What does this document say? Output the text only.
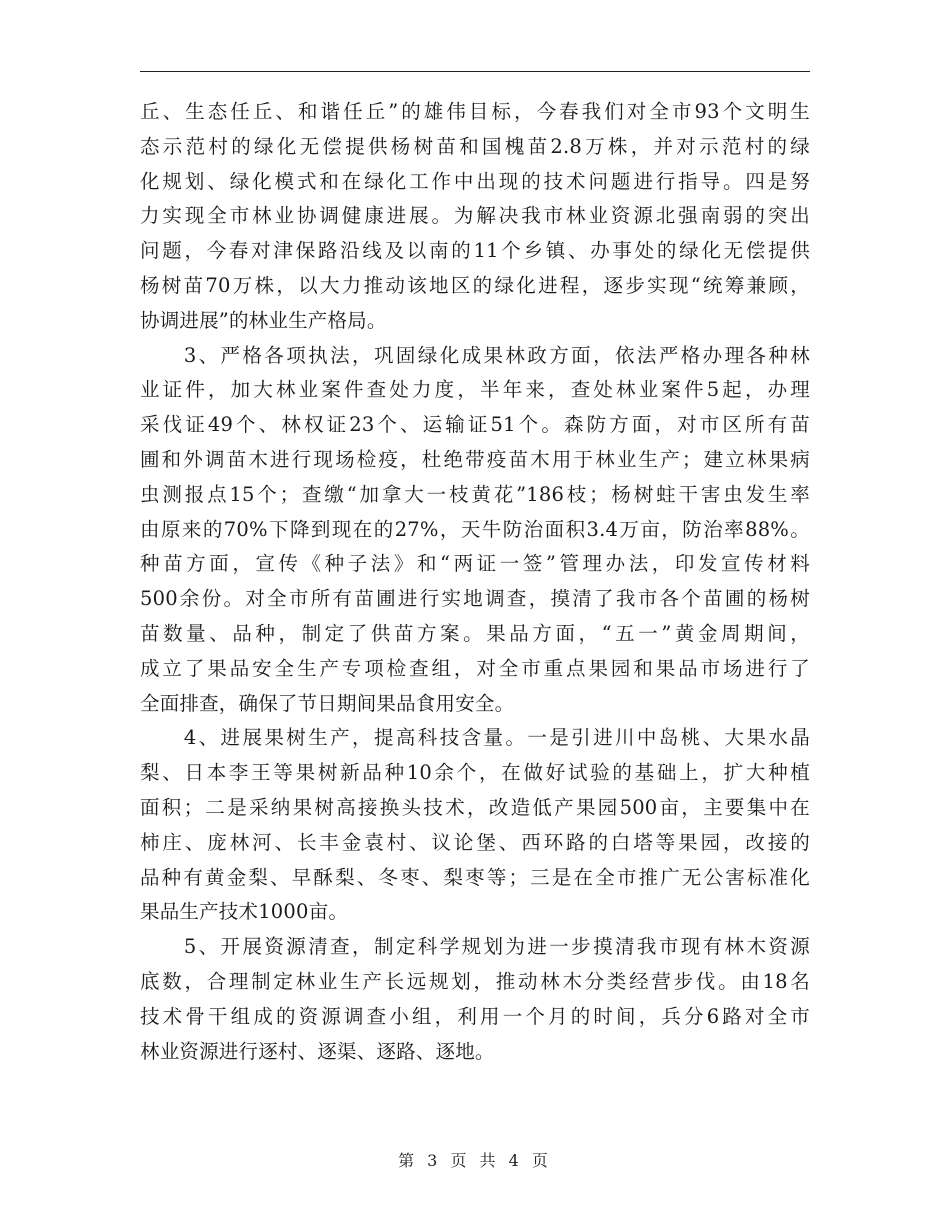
丘、生态任丘、和谐任丘”的雄伟目标，今春我们对全市93个文明生
态示范村的绿化无偿提供杨树苗和国槐苗2.8万株，并对示范村的绿
化规划、绿化模式和在绿化工作中出现的技术问题进行指导。四是努
力实现全市林业协调健康进展。为解决我市林业资源北强南弱的突出
问题，今春对津保路沿线及以南的11个乡镇、办事处的绿化无偿提供
杨树苗70万株，以大力推动该地区的绿化进程，逐步实现“统筹兼顾，
协调进展”的林业生产格局。
　　3、严格各项执法，巩固绿化成果林政方面，依法严格办理各种林
业证件，加大林业案件查处力度，半年来，查处林业案件5起，办理
采伐证49个、林权证23个、运输证51个。森防方面，对市区所有苗
圃和外调苗木进行现场检疫，杜绝带疫苗木用于林业生产；建立林果病
虫测报点15个；查缴“加拿大一枝黄花”186枝；杨树蛀干害虫发生率
由原来的70%下降到现在的27%，天牛防治面积3.4万亩，防治率88%。
种苗方面，宣传《种子法》和“两证一签”管理办法，印发宣传材料
500余份。对全市所有苗圃进行实地调查，摸清了我市各个苗圃的杨树
苗数量、品种，制定了供苗方案。果品方面，“五一”黄金周期间，
成立了果品安全生产专项检查组，对全市重点果园和果品市场进行了
全面排查，确保了节日期间果品食用安全。
　　4、进展果树生产，提高科技含量。一是引进川中岛桃、大果水晶
梨、日本李王等果树新品种10余个，在做好试验的基础上，扩大种植
面积；二是采纳果树高接换头技术，改造低产果园500亩，主要集中在
柿庄、庞林河、长丰金袁村、议论堡、西环路的白塔等果园，改接的
品种有黄金梨、早酥梨、冬枣、梨枣等；三是在全市推广无公害标准化
果品生产技术1000亩。
　　5、开展资源清查，制定科学规划为进一步摸清我市现有林木资源
底数，合理制定林业生产长远规划，推动林木分类经营步伐。由18名
技术骨干组成的资源调查小组，利用一个月的时间，兵分6路对全市
林业资源进行逐村、逐渠、逐路、逐地。
第 3 页 共 4 页
